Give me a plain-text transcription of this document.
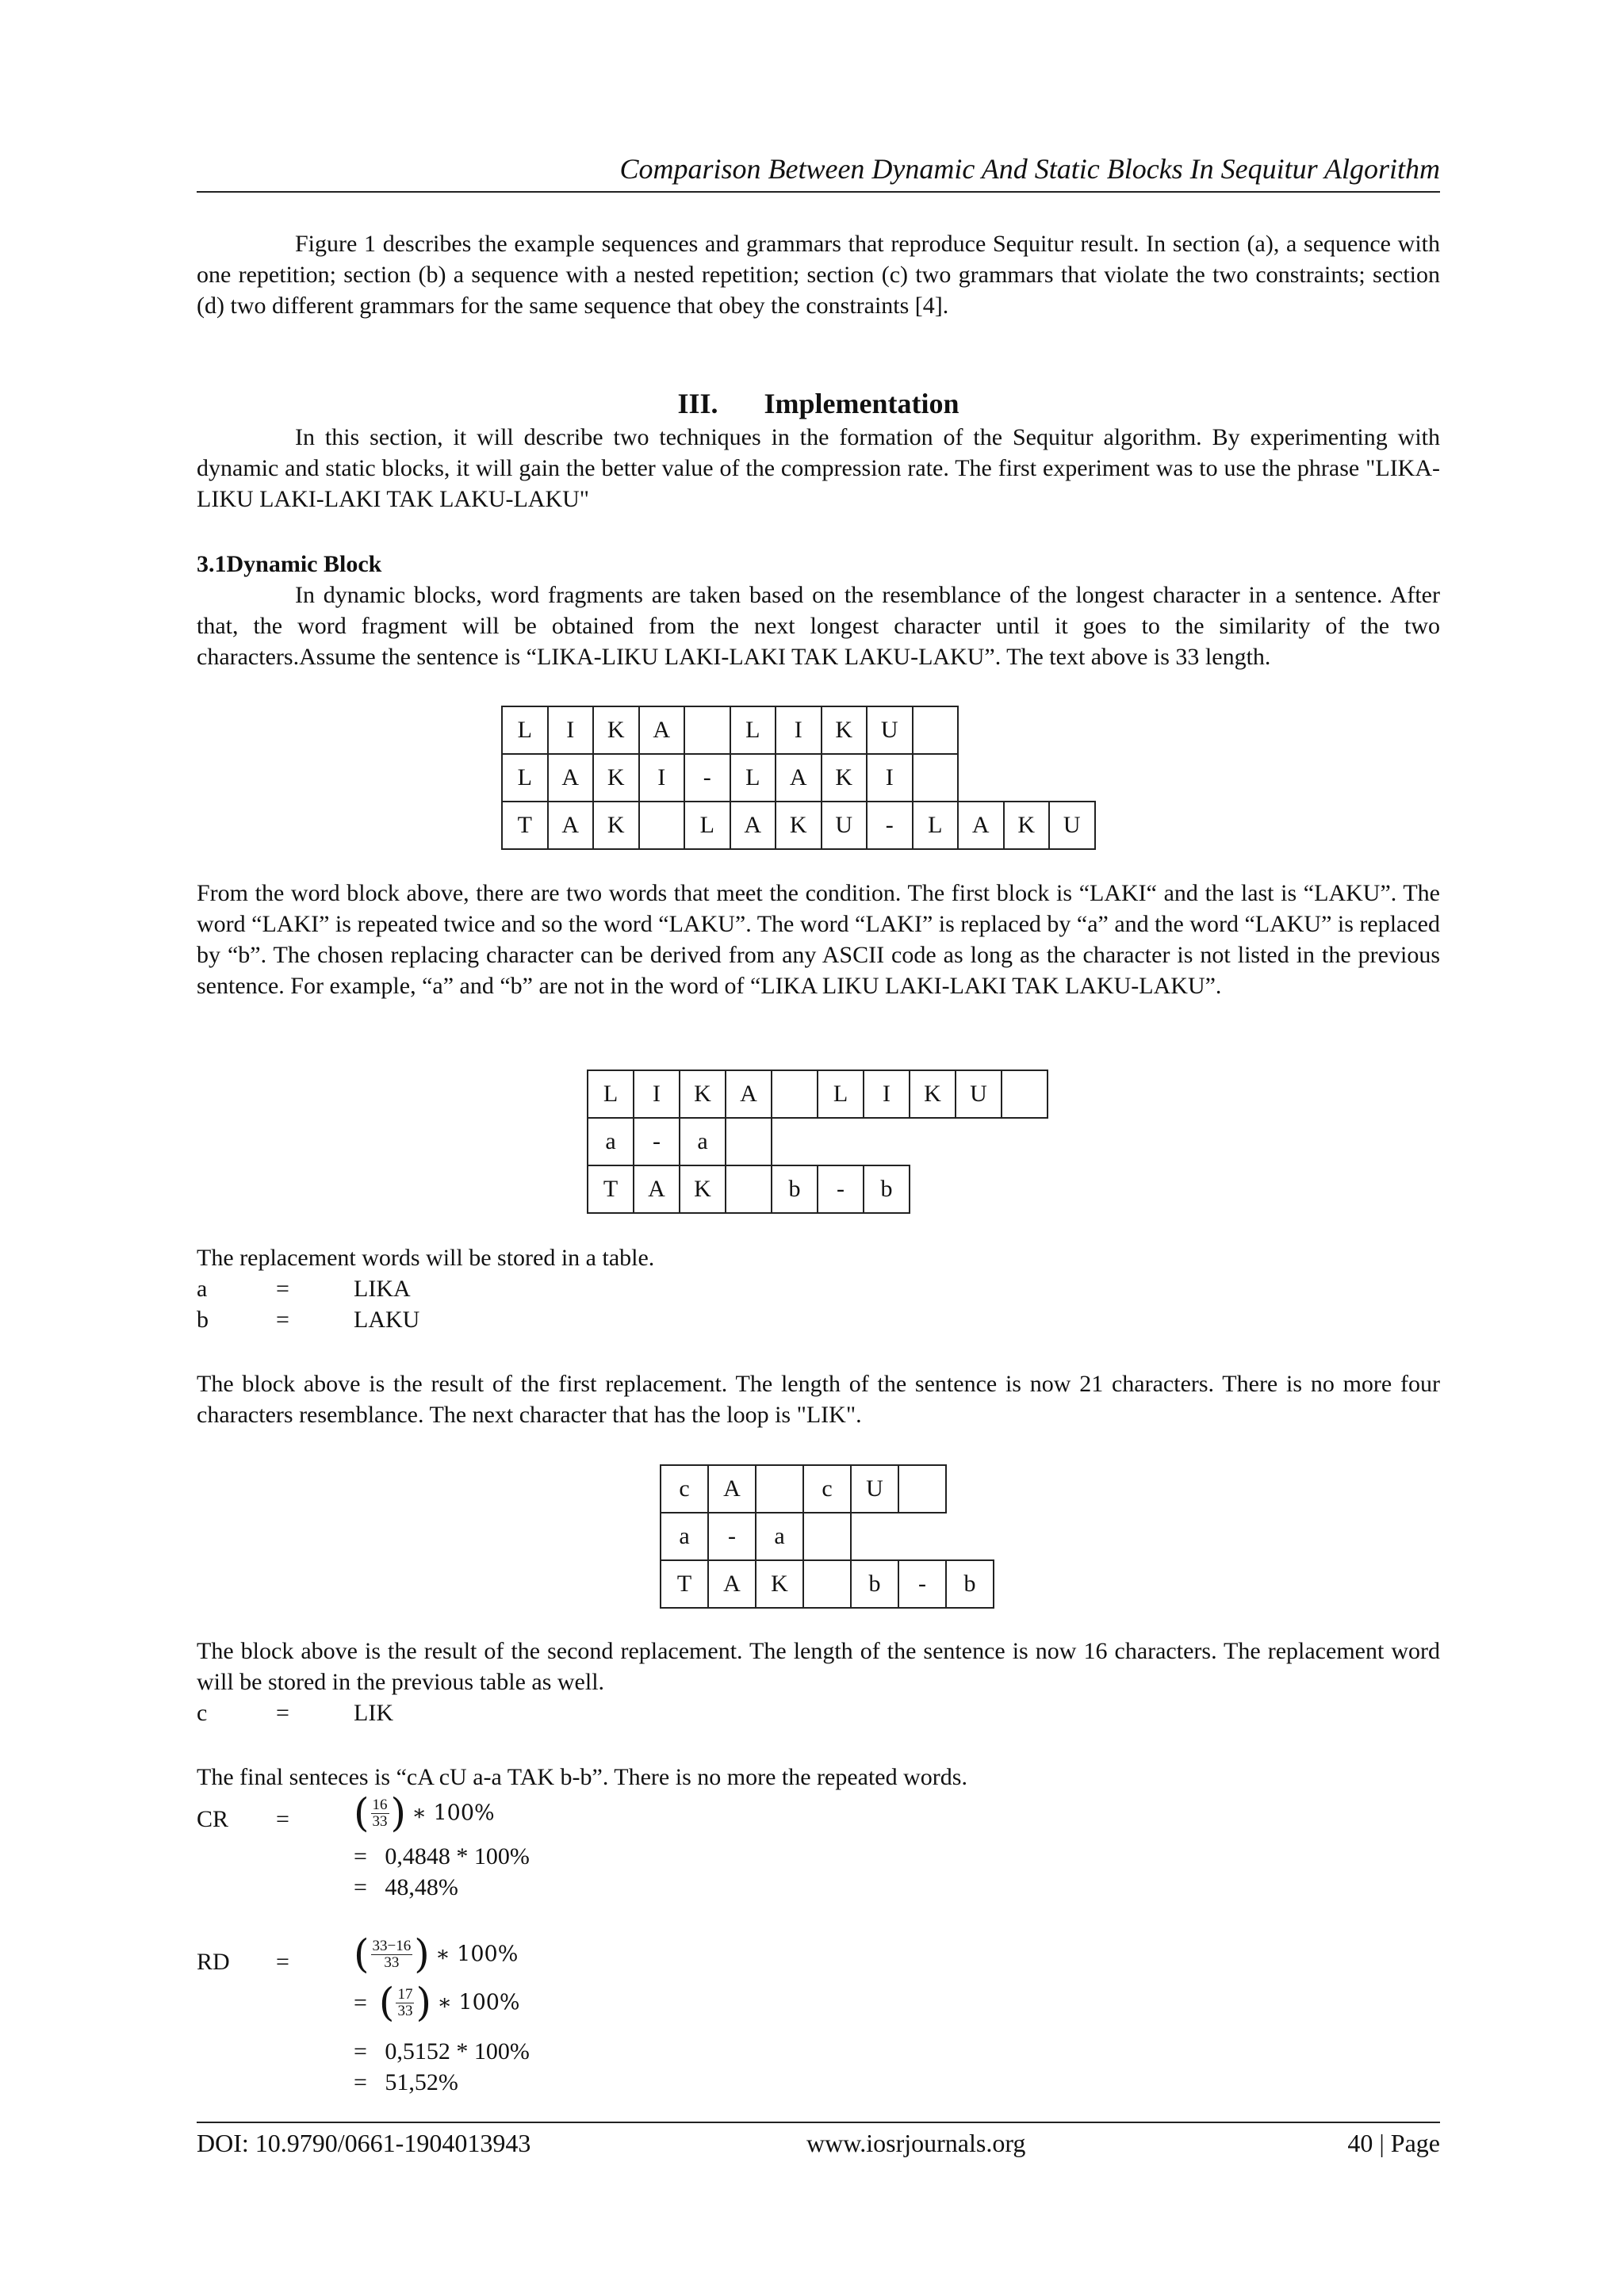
Comparison Between Dynamic And Static Blocks In Sequitur Algorithm

Figure 1 describes the example sequences and grammars that reproduce Sequitur result. In section (a), a sequence with one repetition; section (b) a sequence with a nested repetition; section (c) two grammars that violate the two constraints; section (d) two different grammars for the same sequence that obey the constraints [4].

III. Implementation

In this section, it will describe two techniques in the formation of the Sequitur algorithm. By experimenting with dynamic and static blocks, it will gain the better value of the compression rate. The first experiment was to use the phrase "LIKA-LIKU LAKI-LAKI TAK LAKU-LAKU"

3.1Dynamic Block

In dynamic blocks, word fragments are taken based on the resemblance of the longest character in a sentence. After that, the word fragment will be obtained from the next longest character until it goes to the similarity of the two characters.Assume the sentence is “LIKA-LIKU LAKI-LAKI TAK LAKU-LAKU”. The text above is 33 length.

L	I	K	A		L	I	K	U				
L	A	K	I	-	L	A	K	I				
T	A	K		L	A	K	U	-	L	A	K	U

From the word block above, there are two words that meet the condition. The first block is “LAKI“ and the last is “LAKU”. The word “LAKI” is repeated twice and so the word “LAKU”. The word “LAKI” is replaced by “a” and the word “LAKU” is replaced by “b”. The chosen replacing character can be derived from any ASCII code as long as the character is not listed in the previous sentence. For example, “a” and “b” are not in the word of “LIKA LIKU LAKI-LAKI TAK LAKU-LAKU”.

L	I	K	A		L	I	K	U	
a	-	a							
T	A	K		b	-	b			

The replacement words will be stored in a table.

a	=	LIKA
b	=	LAKU

The block above is the result of the first replacement. The length of the sentence is now 21 characters. There is no more four characters resemblance. The next character that has the loop is "LIK".

c	A		c	U		
a	-	a				
T	A	K		b	-	b

The block above is the result of the second replacement. The length of the sentence is now 16 characters. The replacement word will be stored in the previous table as well.

c	=	LIK

The final senteces is “cA cU a-a TAK b-b”. There is no more the repeated words.

CR = ( $\frac{16}{33}$ ) ∗ 100%
=   0,4848 * 100%
=   48,48%
RD = ( $\frac{33-16}{33}$ ) ∗ 100%
=  ( $\frac{17}{33}$ ) ∗ 100%
=   0,5152 * 100%
=   51,52%
DOI: 10.9790/0661-1904013943	www.iosrjournals.org	40 | Page
